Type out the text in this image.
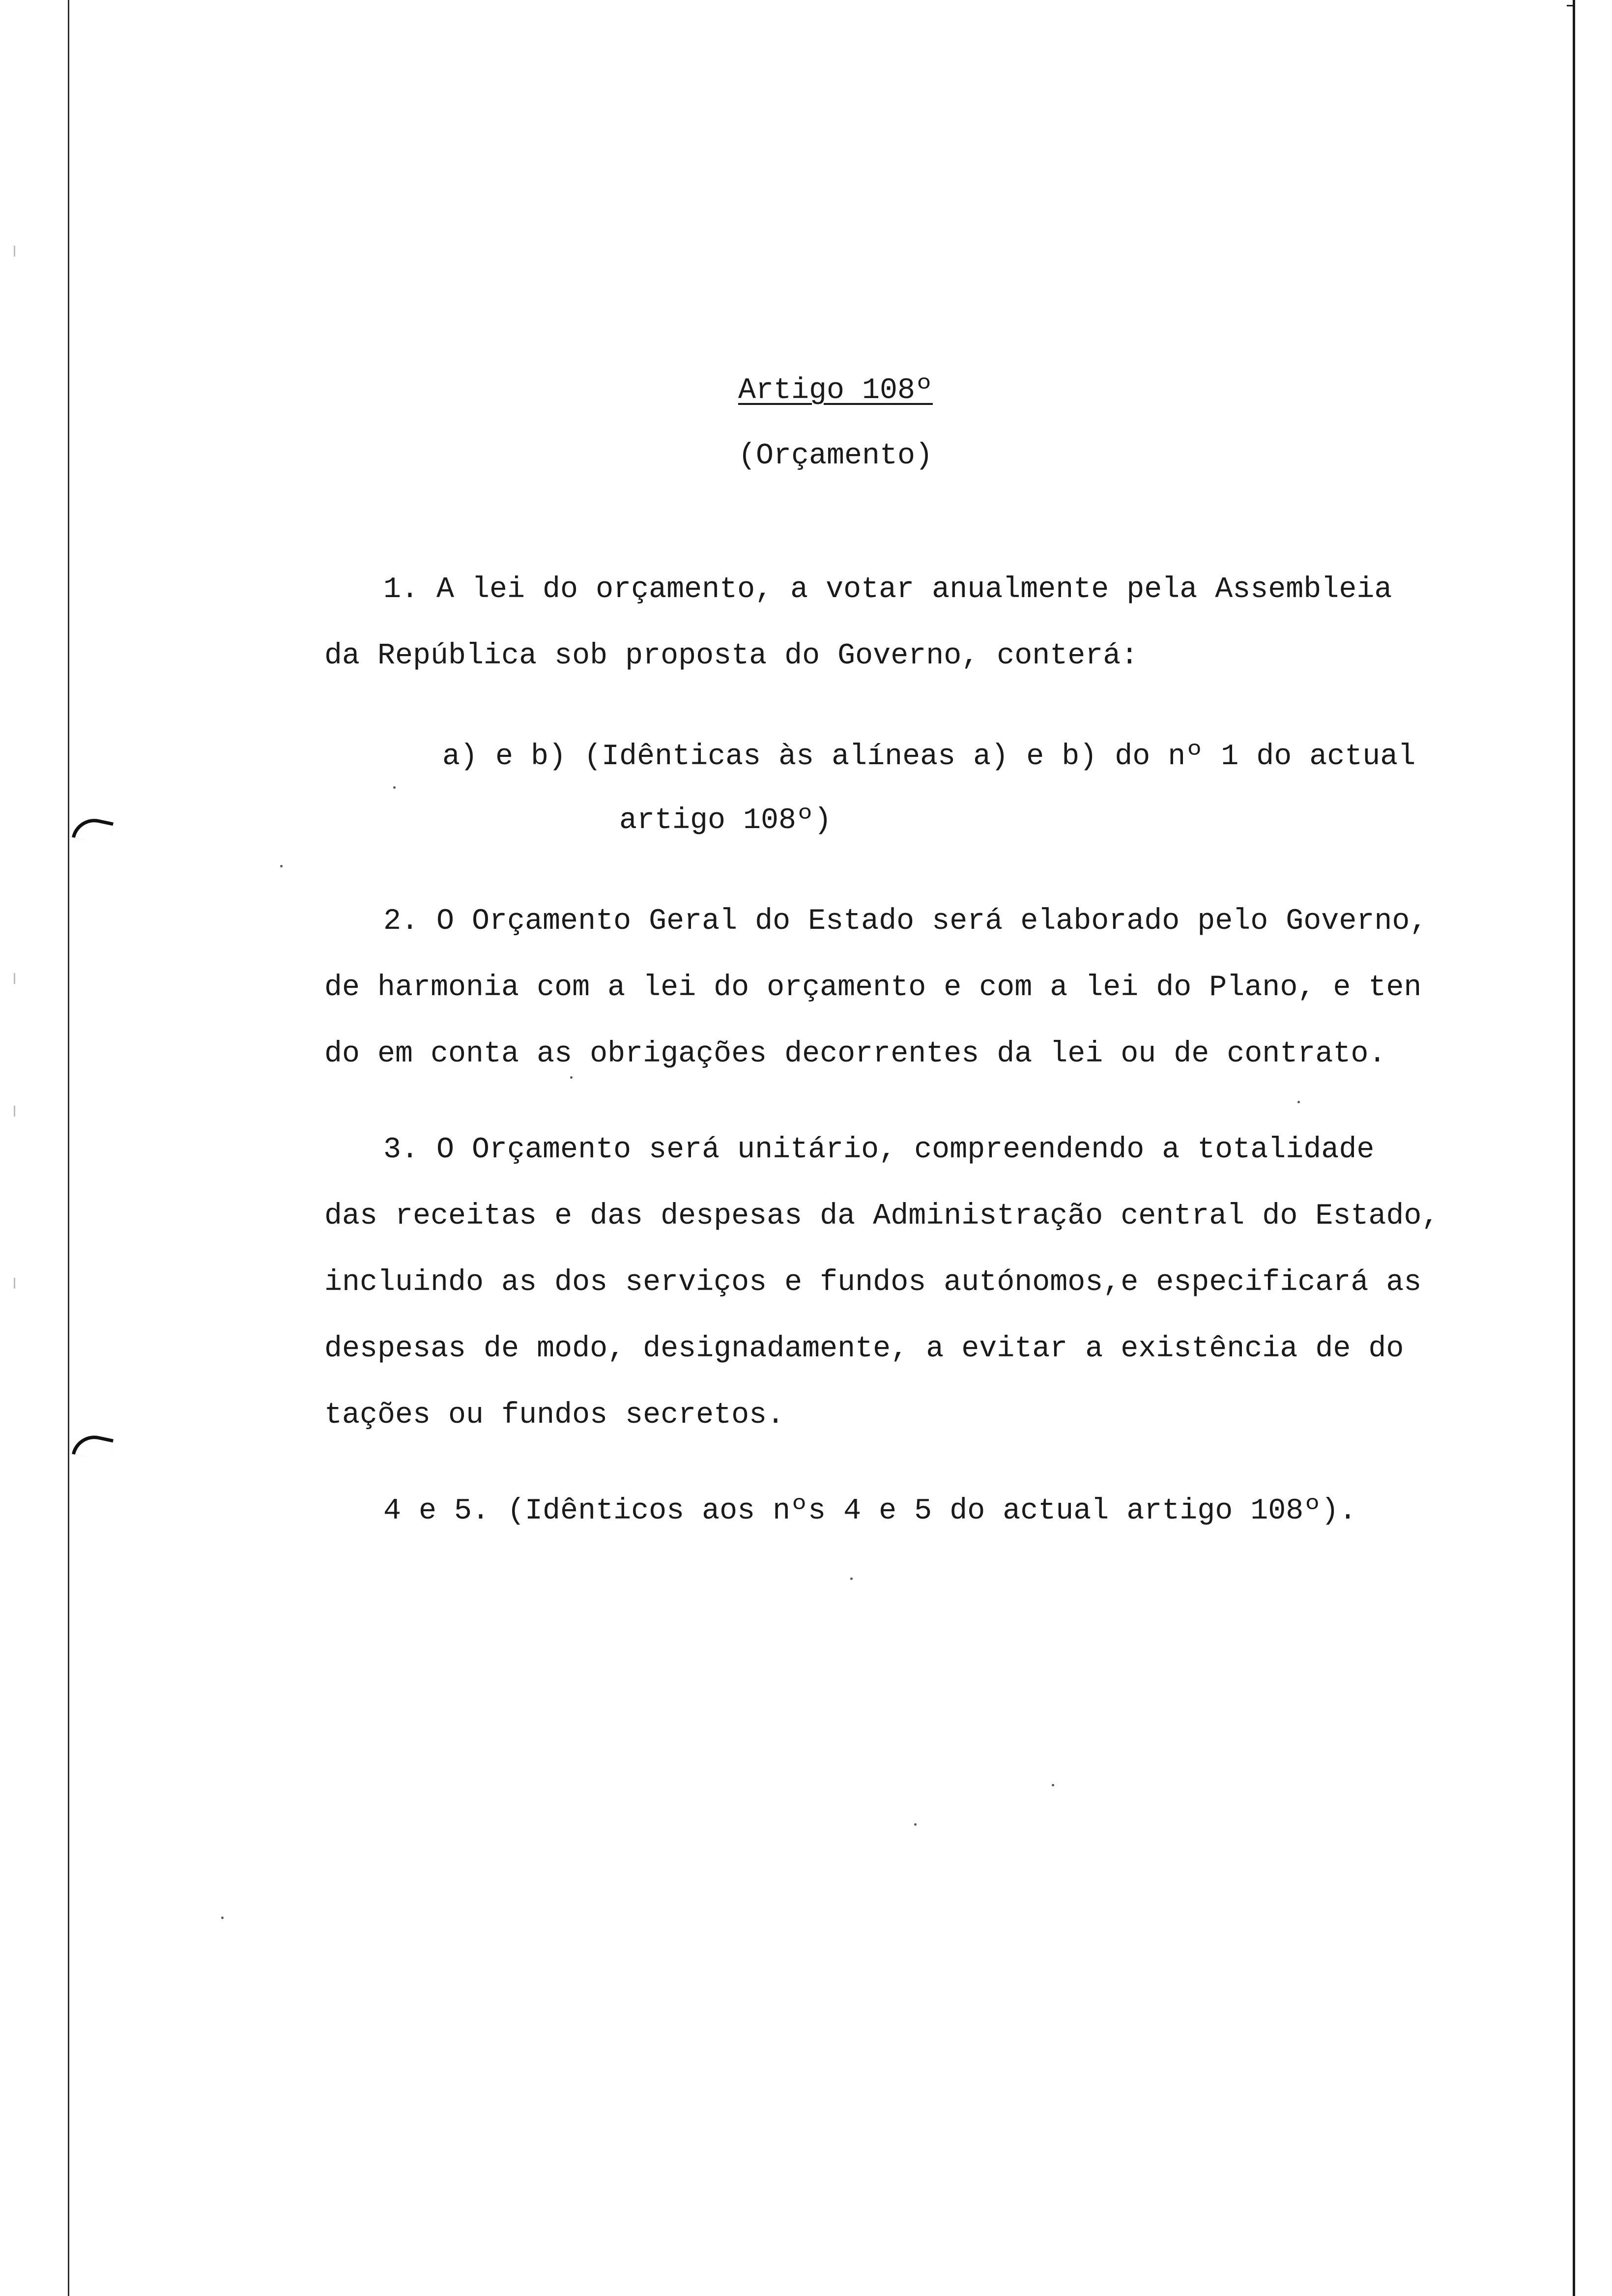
Artigo 108º
(Orçamento)

1. A lei do orçamento, a votar anualmente pela Assembleia

da República sob proposta do Governo, conterá:

a) e b) (Idênticas às alíneas a) e b) do nº 1 do actual

artigo 108º)

2. O Orçamento Geral do Estado será elaborado pelo Governo,

de harmonia com a lei do orçamento e com a lei do Plano, e ten

do em conta as obrigações decorrentes da lei ou de contrato.

3. O Orçamento será unitário, compreendendo a totalidade

das receitas e das despesas da Administração central do Estado,

incluindo as dos serviços e fundos autónomos,e especificará as

despesas de modo, designadamente, a evitar a existência de do

tações ou fundos secretos.

4 e 5. (Idênticos aos nºs 4 e 5 do actual artigo 108º).
